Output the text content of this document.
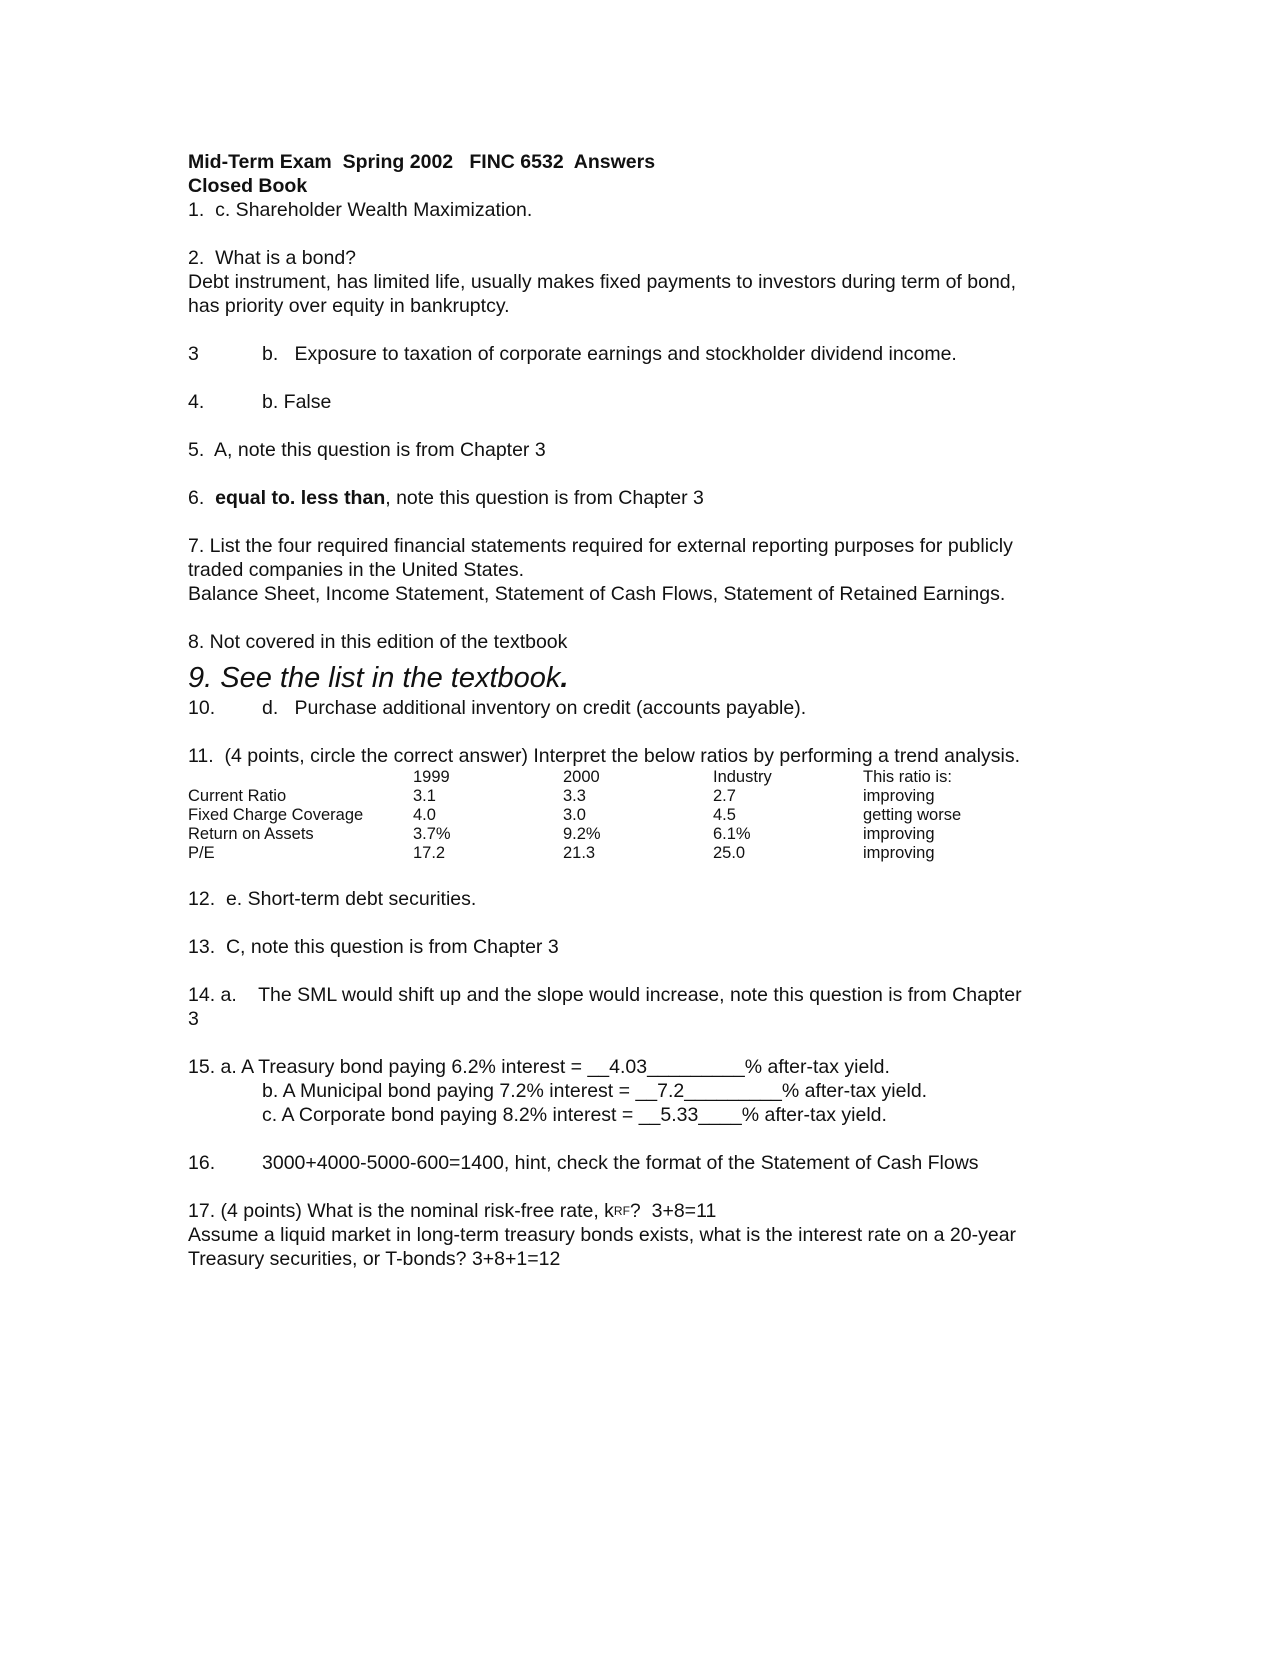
Mid-Term Exam  Spring 2002   FINC 6532  Answers
Closed Book
1.  c. Shareholder Wealth Maximization.
2.  What is a bond?
Debt instrument, has limited life, usually makes fixed payments to investors during term of bond,
has priority over equity in bankruptcy.
3	b.   Exposure to taxation of corporate earnings and stockholder dividend income.
4.	b. False
5.  A, note this question is from Chapter 3
6. equal to. less than , note this question is from Chapter 3
7. List the four required financial statements required for external reporting purposes for publicly
traded companies in the United States.
Balance Sheet, Income Statement, Statement of Cash Flows, Statement of Retained Earnings.
8. Not covered in this edition of the textbook
9. See the list in the textbook.
10.	d.   Purchase additional inventory on credit (accounts payable).
11.  (4 points, circle the correct answer) Interpret the below ratios by performing a trend analysis.
	1999	2000	Industry	This ratio is:
Current Ratio	3.1	3.3	2.7	improving
Fixed Charge Coverage	4.0	3.0	4.5	getting worse
Return on Assets	3.7%	9.2%	6.1%	improving
P/E	17.2	21.3	25.0	improving
12.  e. Short-term debt securities.
13.  C, note this question is from Chapter 3
14. a.    The SML would shift up and the slope would increase, note this question is from Chapter
3
15. a. A Treasury bond paying 6.2% interest = __4.03_________% after-tax yield.
b. A Municipal bond paying 7.2% interest = __7.2_________% after-tax yield.
c. A Corporate bond paying 8.2% interest = __5.33____% after-tax yield.
16.	3000+4000-5000-600=1400, hint, check the format of the Statement of Cash Flows
17. (4 points) What is the nominal risk-free rate, k RF ?  3+8=11
Assume a liquid market in long-term treasury bonds exists, what is the interest rate on a 20-year
Treasury securities, or T-bonds? 3+8+1=12
